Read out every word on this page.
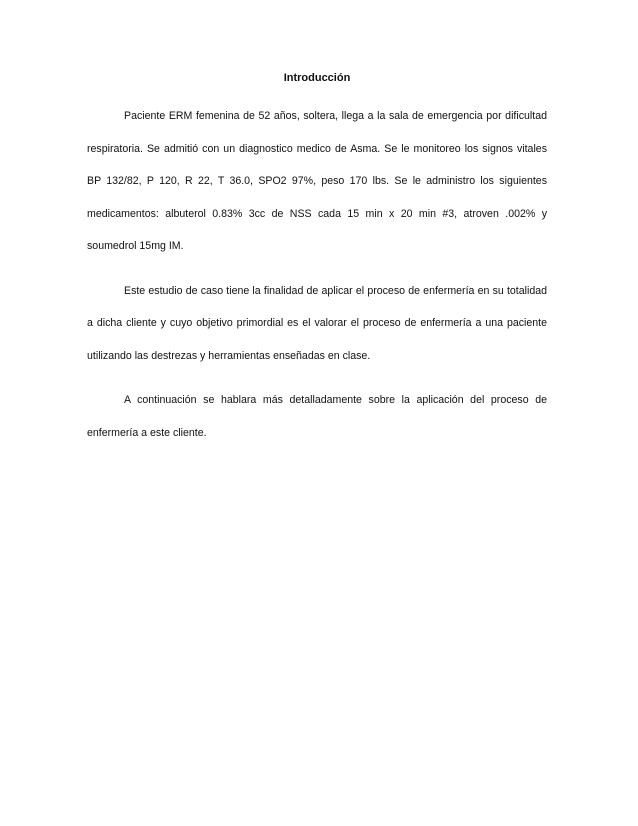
Introducción

Paciente ERM femenina de 52 años, soltera, llega a la sala de emergencia por dificultad respiratoria. Se admitió con un diagnostico medico de Asma. Se le monitoreo los signos vitales BP 132/82, P 120, R 22, T 36.0, SPO2 97%, peso 170 lbs. Se le administro los siguientes medicamentos: albuterol 0.83% 3cc de NSS cada 15 min x 20 min #3, atroven .002% y soumedrol 15mg IM.

Este estudio de caso tiene la finalidad de aplicar el proceso de enfermería en su totalidad a dicha cliente y cuyo objetivo primordial es el valorar el proceso de enfermería a una paciente utilizando las destrezas y herramientas enseñadas en clase.

A continuación se hablara más detalladamente sobre la aplicación del proceso de enfermería a este cliente.
